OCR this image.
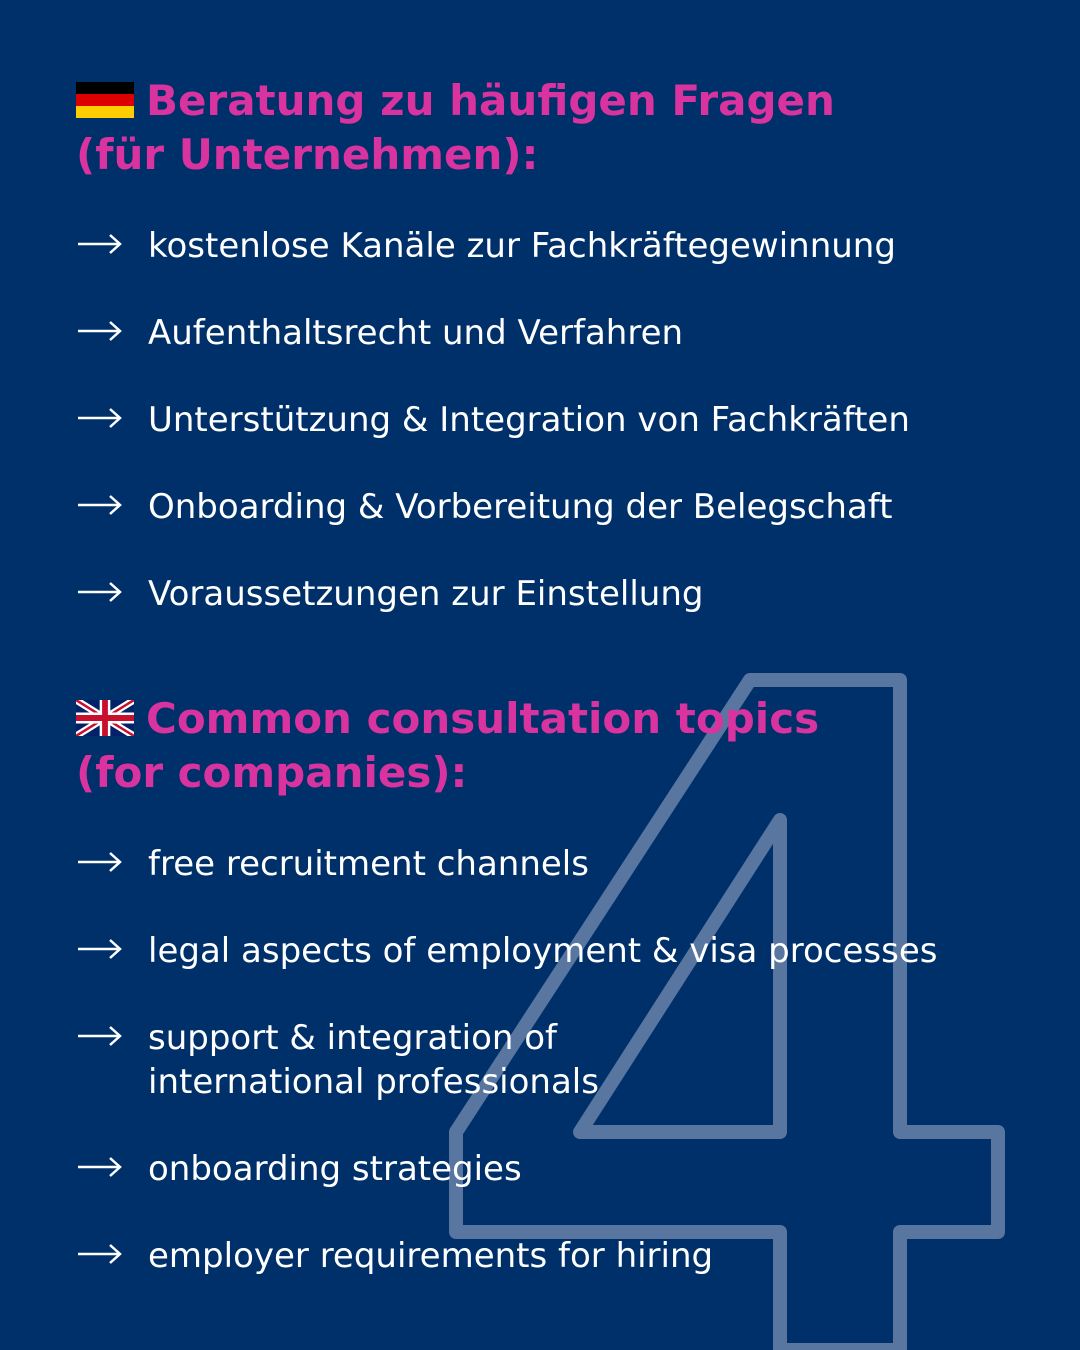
Beratung zu häufigen Fragen
(für Unternehmen):
kostenlose Kanäle zur Fachkräftegewinnung
Aufenthaltsrecht und Verfahren
Unterstützung & Integration von Fachkräften
Onboarding & Vorbereitung der Belegschaft
Voraussetzungen zur Einstellung
Common consultation topics
(for companies):
free recruitment channels
legal aspects of employment & visa processes
support & integration of
international professionals
onboarding strategies
employer requirements for hiring
